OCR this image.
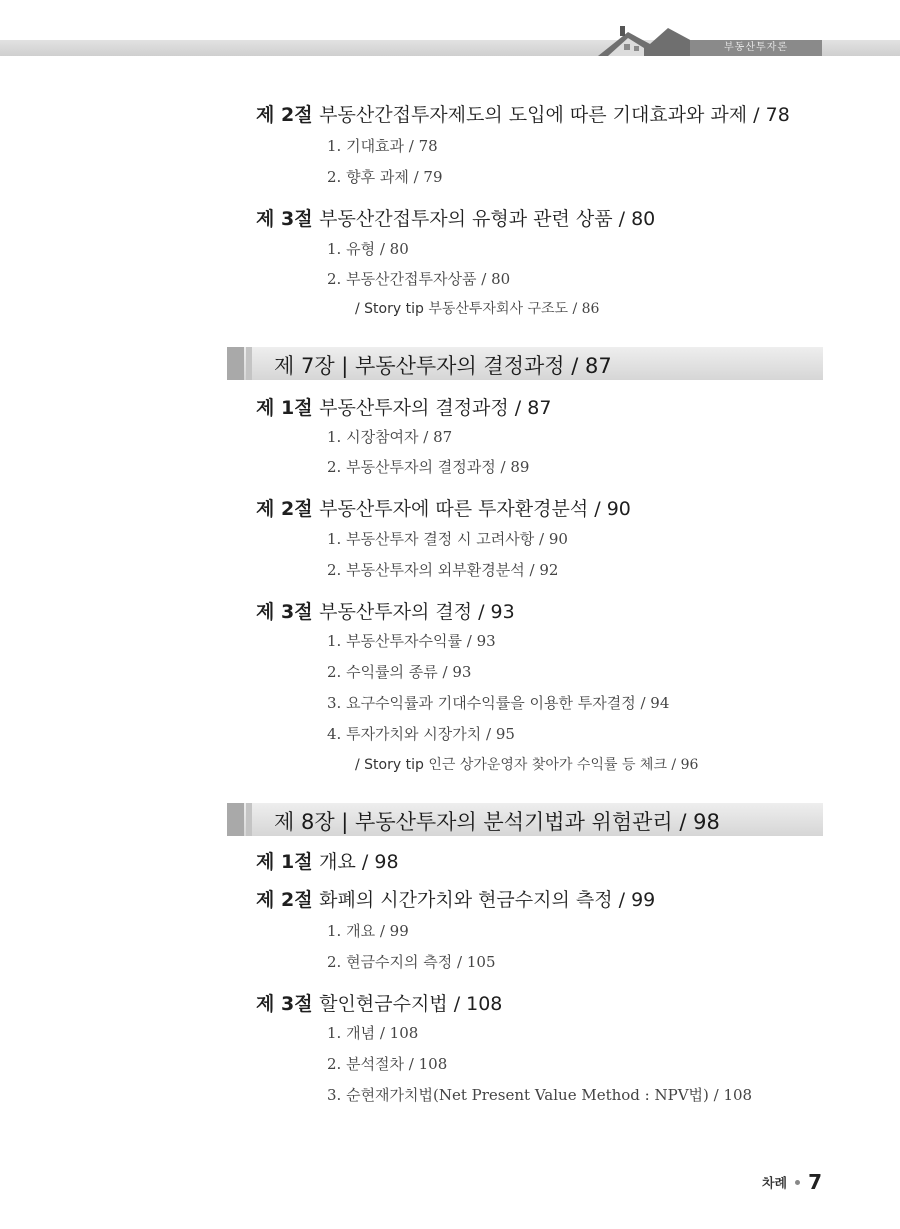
부동산투자론
제 2절 부동산간접투자제도의 도입에 따른 기대효과와 과제 / 78
1. 기대효과 / 78
2. 향후 과제 / 79
제 3절 부동산간접투자의 유형과 관련 상품 / 80
1. 유형 / 80
2. 부동산간접투자상품 / 80
/ Story tip 부동산투자회사 구조도 / 86
제 7장 | 부동산투자의 결정과정 / 87
제 1절 부동산투자의 결정과정 / 87
1. 시장참여자 / 87
2. 부동산투자의 결정과정 / 89
제 2절 부동산투자에 따른 투자환경분석 / 90
1. 부동산투자 결정 시 고려사항 / 90
2. 부동산투자의 외부환경분석 / 92
제 3절 부동산투자의 결정 / 93
1. 부동산투자수익률 / 93
2. 수익률의 종류 / 93
3. 요구수익률과 기대수익률을 이용한 투자결정 / 94
4. 투자가치와 시장가치 / 95
/ Story tip 인근 상가운영자 찾아가 수익률 등 체크 / 96
제 8장 | 부동산투자의 분석기법과 위험관리 / 98
제 1절 개요 / 98
제 2절 화폐의 시간가치와 현금수지의 측정 / 99
1. 개요 / 99
2. 현금수지의 측정 / 105
제 3절 할인현금수지법 / 108
1. 개념 / 108
2. 분석절차 / 108
3. 순현재가치법(Net Present Value Method : NPV법) / 108
차례 7
